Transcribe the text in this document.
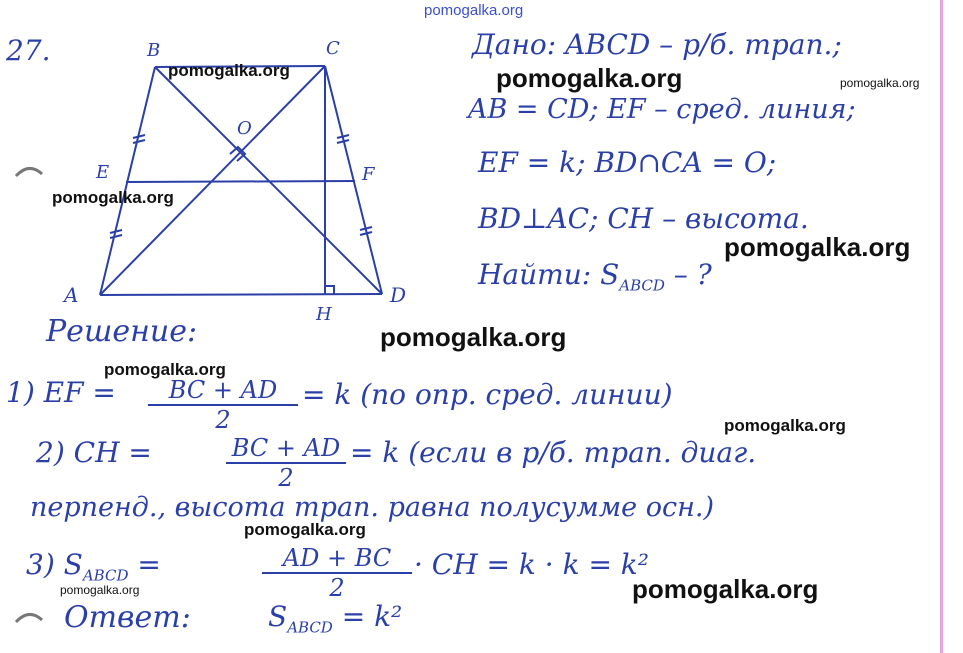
pomogalka.org
27.	B	C
O
E	F
A	D
H
Дано: ABCD – р/б. трап.;
AB = CD; EF – сред. линия;
EF = k; BD∩CA = O;
BD⊥AC; CH – высота.
Найти: $S_{ABCD}$ – ?
Решение:
1) EF = $\frac{BC + AD}{2} = k$ (по опр. сред. линии)
2) CH =	$\frac{BC + AD}{2} = k$ (если в р/б. трап. диаг.
перпенд., высота трап. равна полусумме осн.)
3) $S_{ABCD}$ =	$\frac{AD + BC}{2}$ · CH = k · k = k²
Ответ:	$S_{ABCD} = k^2$
pomogalka.org	pomogalka.org	pomogalka.org
pomogalka.org
pomogalka.org
pomogalka.org
pomogalka.org
pomogalka.org
pomogalka.org
pomogalka.org	pomogalka.org
